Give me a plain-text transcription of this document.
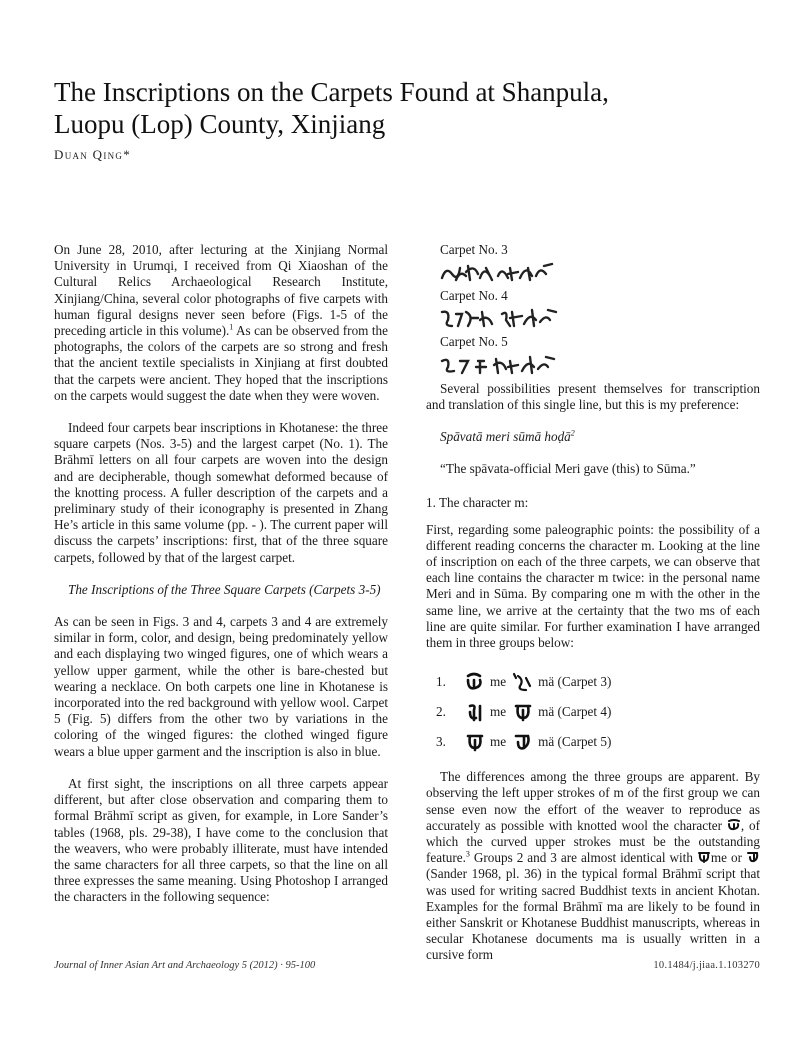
The Inscriptions on the Carpets Found at Shanpula,
Luopu (Lop) County, Xinjiang
Duan Qing*

On June 28, 2010, after lecturing at the Xinjiang Normal University in Urumqi, I received from Qi Xiaoshan of the Cultural Relics Archaeological Research Institute, Xinjiang/China, several color photographs of five carpets with human figural designs never seen before (Figs. 1-5 of the preceding article in this volume).$^1$ As can be observed from the photographs, the colors of the carpets are so strong and fresh that the ancient textile specialists in Xinjiang at first doubted that the carpets were ancient. They hoped that the inscriptions on the carpets would suggest the date when they were woven.

Indeed four carpets bear inscriptions in Khotanese: the three square carpets (Nos. 3-5) and the largest carpet (No. 1). The Brāhmī letters on all four carpets are woven into the design and are decipherable, though somewhat deformed because of the knotting process. A fuller description of the carpets and a preliminary study of their iconography is presented in Zhang He’s article in this same volume (pp. - ). The current paper will discuss the carpets’ inscriptions: first, that of the three square carpets, followed by that of the largest carpet.

The Inscriptions of the Three Square Carpets (Carpets 3-5)

As can be seen in Figs. 3 and 4, carpets 3 and 4 are extremely similar in form, color, and design, being predominately yellow and each displaying two winged figures, one of which wears a yellow upper garment, while the other is bare-chested but wearing a necklace. On both carpets one line in Khotanese is incorporated into the red background with yellow wool. Carpet 5 (Fig. 5) differs from the other two by variations in the coloring of the winged figures: the clothed winged figure wears a blue upper garment and the inscription is also in blue.

At first sight, the inscriptions on all three carpets appear different, but after close observation and comparing them to formal Brāhmī script as given, for example, in Lore Sander’s tables (1968, pls. 29-38), I have come to the conclusion that the weavers, who were probably illiterate, must have intended the same characters for all three carpets, so that the line on all three expresses the same meaning. Using Photoshop I arranged the characters in the following sequence:

Carpet No. 3

Carpet No. 4

Carpet No. 5

Several possibilities present themselves for transcription and translation of this single line, but this is my preference:

Spāvatā meri sūmā hoḍā$^2$

“The spāvata-official Meri gave (this) to Sūma.”

1. The character m:

First, regarding some paleographic points: the possibility of a different reading concerns the character m. Looking at the line of inscription on each of the three carpets, we can observe that each line contains the character m twice: in the personal name Meri and in Sūma. By comparing one m with the other in the same line, we arrive at the certainty that the two ms of each line are quite similar. For further examination I have arranged them in three groups below:

1.	me mä (Carpet 3)
2.	me mä (Carpet 4)
3.	me mä (Carpet 5)

The differences among the three groups are apparent. By observing the left upper strokes of m of the first group we can sense even now the effort of the weaver to reproduce as accurately as possible with knotted wool the character , of which the curved upper strokes must be the outstanding feature.$^3$ Groups 2 and 3 are almost identical with me or  (Sander 1968, pl. 36) in the typical formal Brāhmī script that was used for writing sacred Buddhist texts in ancient Khotan. Examples for the formal Brāhmī ma are likely to be found in either Sanskrit or Khotanese Buddhist manuscripts, whereas in secular Khotanese documents ma is usually written in a cursive form

Journal of Inner Asian Art and Archaeology 5 (2012) · 95-100	10.1484/j.jiaa.1.103270
